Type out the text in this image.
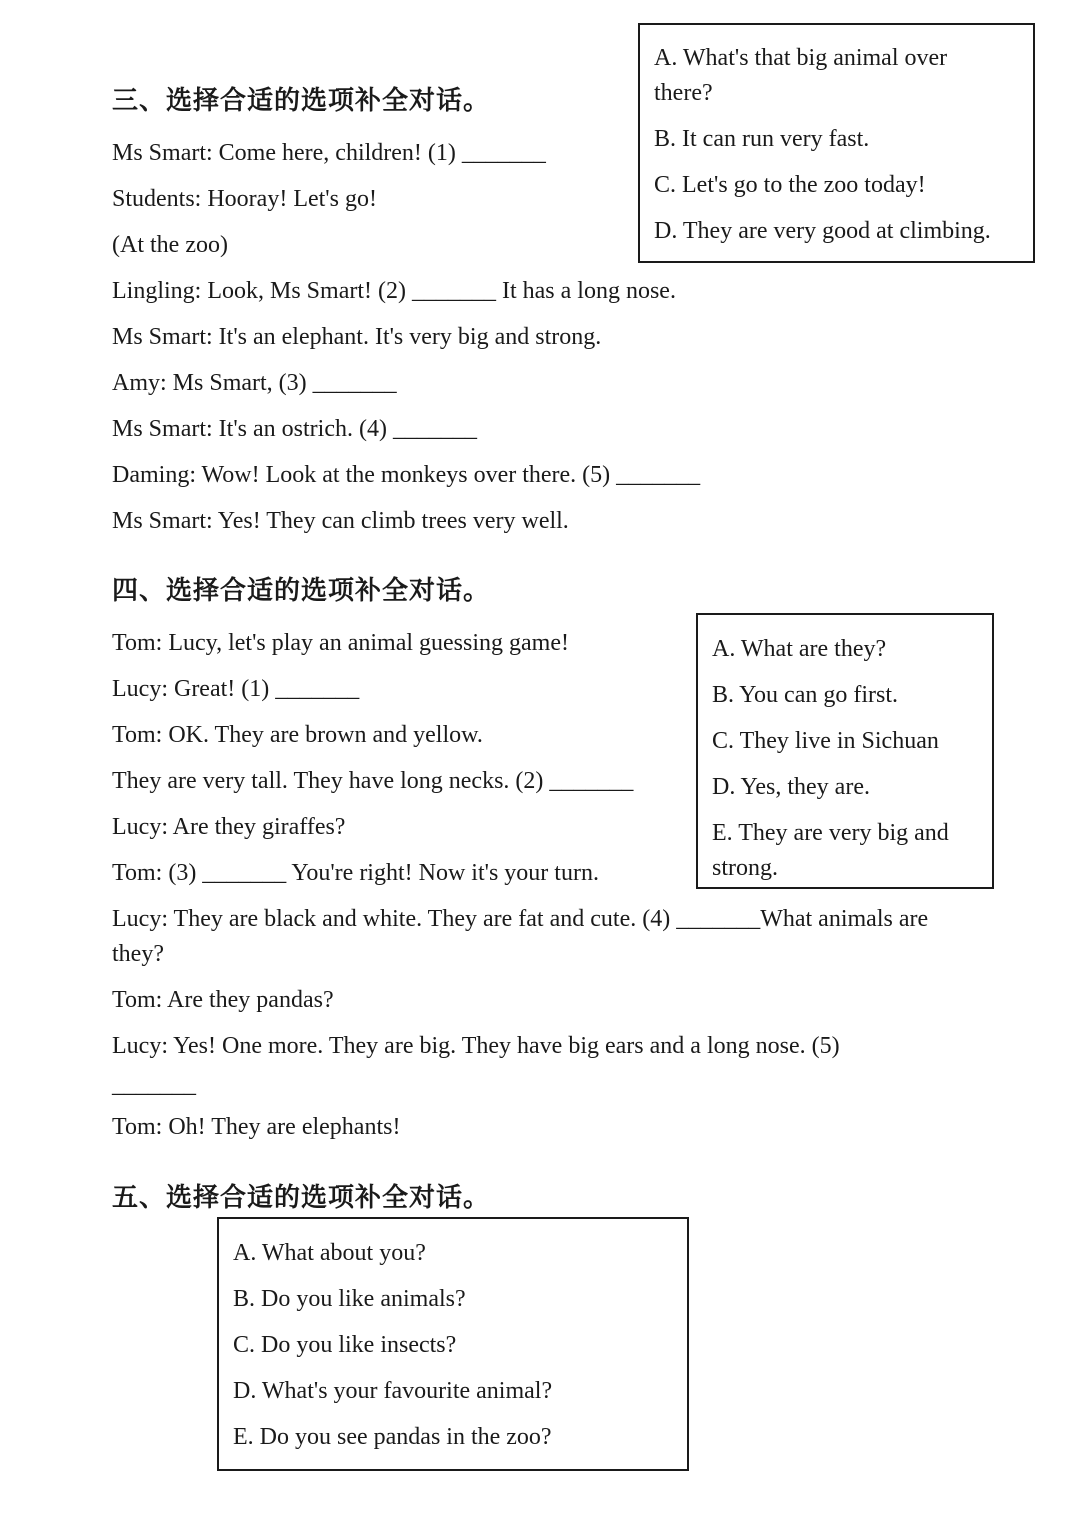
三、选择合适的选项补全对话。
A. What's that big animal over
there?
B. It can run very fast.
C. Let's go to the zoo today!
D. They are very good at climbing.
Ms Smart: Come here, children! (1) _______
Students: Hooray! Let's go!
(At the zoo)
Lingling: Look, Ms Smart! (2) _______ It has a long nose.
Ms Smart: It's an elephant. It's very big and strong.
Amy: Ms Smart, (3) _______
Ms Smart: It's an ostrich. (4) _______
Daming: Wow! Look at the monkeys over there. (5) _______
Ms Smart: Yes! They can climb trees very well.
四、选择合适的选项补全对话。
A. What are they?
B. You can go first.
C. They live in Sichuan
D. Yes, they are.
E. They are very big and
strong.
Tom: Lucy, let's play an animal guessing game!
Lucy: Great! (1) _______
Tom: OK. They are brown and yellow.
They are very tall. They have long necks. (2) _______
Lucy: Are they giraffes?
Tom: (3) _______ You're right! Now it's your turn.
Lucy: They are black and white. They are fat and cute. (4) _______What animals are
they?
Tom: Are they pandas?
Lucy: Yes! One more. They are big. They have big ears and a long nose. (5)
_______
Tom: Oh! They are elephants!
五、选择合适的选项补全对话。
A. What about you?
B. Do you like animals?
C. Do you like insects?
D. What's your favourite animal?
E. Do you see pandas in the zoo?
